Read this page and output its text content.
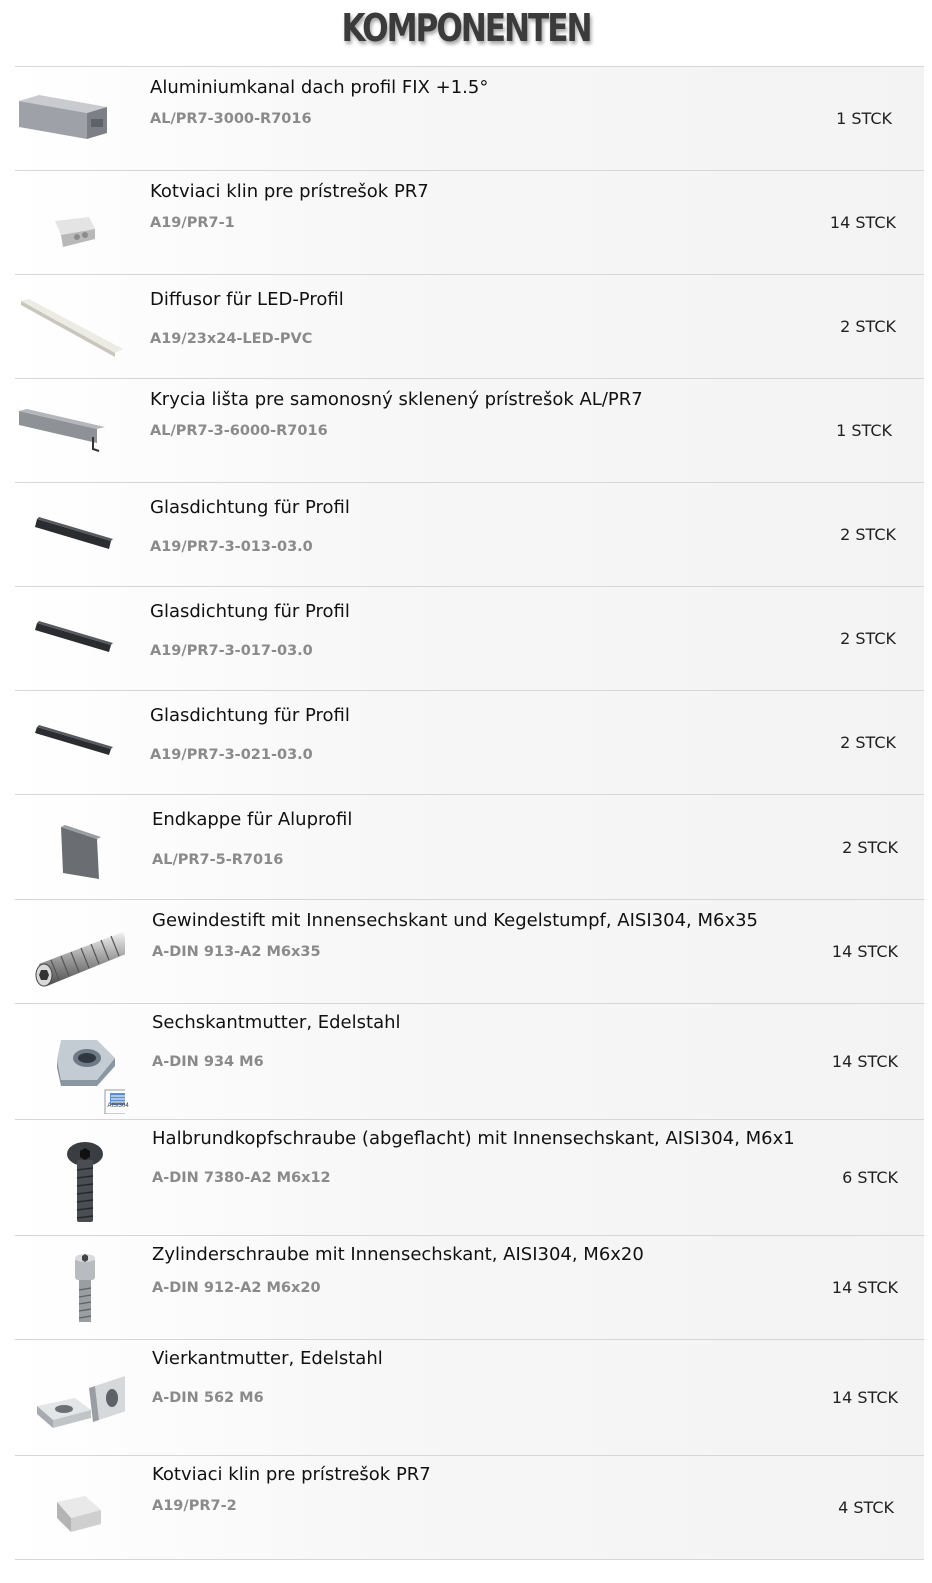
KOMPONENTEN
Aluminiumkanal dach profil FIX +1.5°
AL/PR7-3000-R7016	1 STCK
Kotviaci klin pre prístrešok PR7
A19/PR7-1	14 STCK
Diffusor für LED-Profil
A19/23x24-LED-PVC
2 STCK
Krycia lišta pre samonosný sklenený prístrešok AL/PR7
AL/PR7-3-6000-R7016	1 STCK
Glasdichtung für Profil
A19/PR7-3-013-03.0
2 STCK
Glasdichtung für Profil
A19/PR7-3-017-03.0
2 STCK
Glasdichtung für Profil
A19/PR7-3-021-03.0
2 STCK
Endkappe für Aluprofil
AL/PR7-5-R7016
2 STCK
Gewindestift mit Innensechskant und Kegelstumpf, AISI304, M6x35
A-DIN 913-A2 M6x35	14 STCK
AISI304
Sechskantmutter, Edelstahl
A-DIN 934 M6	14 STCK
Halbrundkopfschraube (abgeflacht) mit Innensechskant, AISI304, M6x1
A-DIN 7380-A2 M6x12	6 STCK
Zylinderschraube mit Innensechskant, AISI304, M6x20
A-DIN 912-A2 M6x20	14 STCK
Vierkantmutter, Edelstahl
A-DIN 562 M6	14 STCK
Kotviaci klin pre prístrešok PR7
A19/PR7-2	4 STCK
